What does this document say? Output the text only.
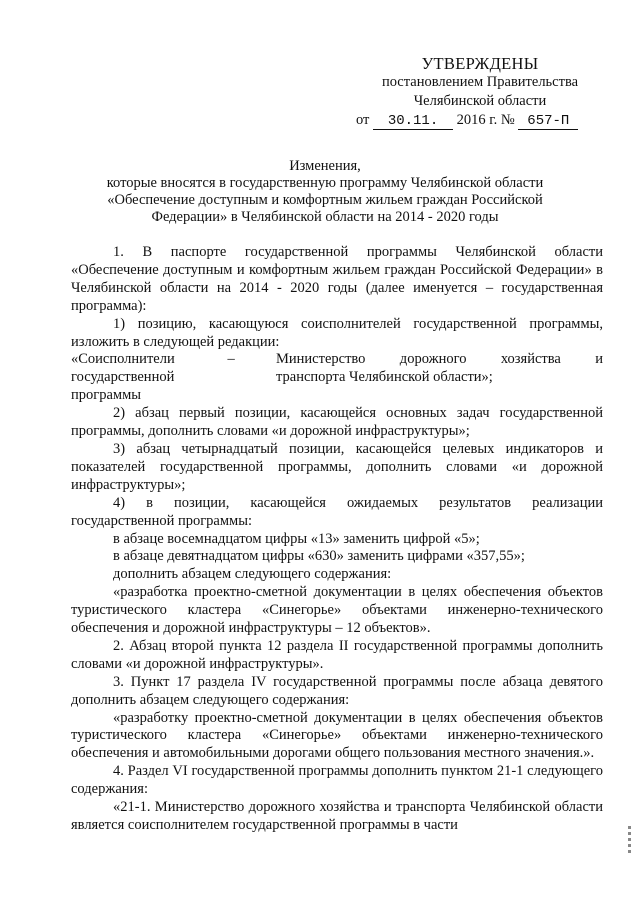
УТВЕРЖДЕНЫ
постановлением Правительства
Челябинской области
от 30.11. 2016 г. № 657-П
Изменения,
которые вносятся в государственную программу Челябинской области
«Обеспечение доступным и комфортным жильем граждан Российской
Федерации» в Челябинской области на 2014 - 2020 годы
1. В паспорте государственной программы Челябинской области «Обеспечение доступным и комфортным жильем граждан Российской Федерации» в Челябинской области на 2014 - 2020 годы (далее именуется – государственная программа):
1) позицию, касающуюся соисполнителей государственной программы, изложить в следующей редакции:
«Соисполнители	–	Министерство дорожного хозяйства и
государственной	транспорта Челябинской области»;
программы
2) абзац первый позиции, касающейся основных задач государственной программы, дополнить словами «и дорожной инфраструктуры»;
3) абзац четырнадцатый позиции, касающейся целевых индикаторов и показателей государственной программы, дополнить словами «и дорожной инфраструктуры»;
4) в позиции, касающейся ожидаемых результатов реализации государственной программы:
в абзаце восемнадцатом цифры «13» заменить цифрой «5»;
в абзаце девятнадцатом цифры «630» заменить цифрами «357,55»;
дополнить абзацем следующего содержания:
«разработка проектно-сметной документации в целях обеспечения объектов туристического кластера «Синегорье» объектами инженерно-технического обеспечения и дорожной инфраструктуры – 12 объектов».
2. Абзац второй пункта 12 раздела II государственной программы дополнить словами «и дорожной инфраструктуры».
3. Пункт 17 раздела IV государственной программы после абзаца девятого дополнить абзацем следующего содержания:
«разработку проектно-сметной документации в целях обеспечения объектов туристического кластера «Синегорье» объектами инженерно-технического обеспечения и автомобильными дорогами общего пользования местного значения.».
4. Раздел VI государственной программы дополнить пунктом 21-1 следующего содержания:
«21-1. Министерство дорожного хозяйства и транспорта Челябинской области является соисполнителем государственной программы в части
